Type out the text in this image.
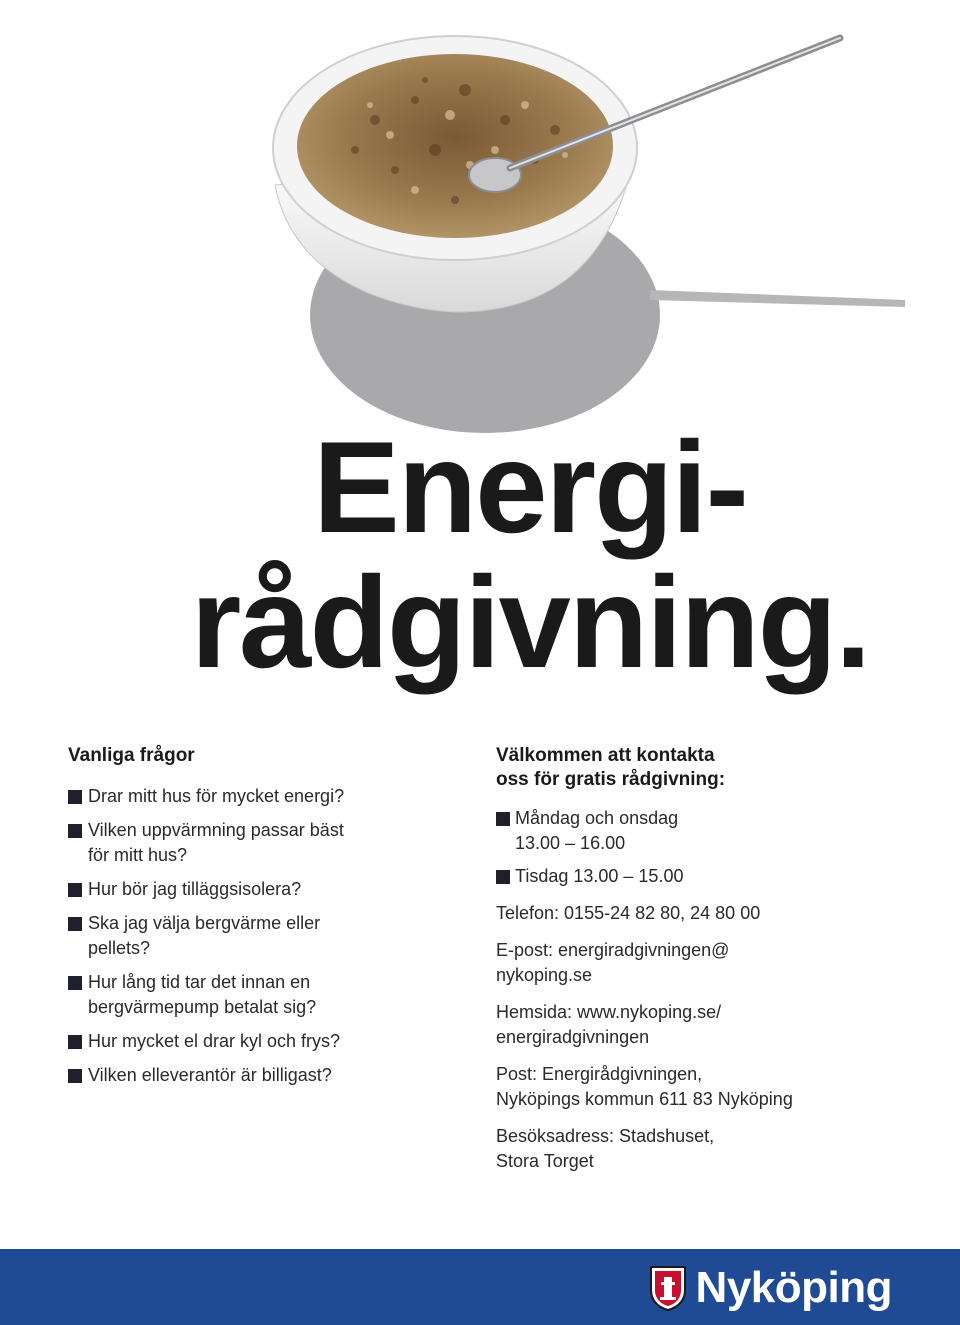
Energi-
rådgivning.
Vanliga frågor
Drar mitt hus för mycket energi?
Vilken uppvärmning passar bäst
för mitt hus?
Hur bör jag tilläggsisolera?
Ska jag välja bergvärme eller
pellets?
Hur lång tid tar det innan en
bergvärmepump betalat sig?
Hur mycket el drar kyl och frys?
Vilken elleverantör är billigast?
Välkommen att kontakta
oss för gratis rådgivning:
Måndag och onsdag
13.00 – 16.00
Tisdag 13.00 – 15.00
Telefon: 0155-24 82 80, 24 80 00
E-post: energiradgivningen@
nykoping.se
Hemsida: www.nykoping.se/
energiradgivningen
Post: Energirådgivningen,
Nyköpings kommun 611 83 Nyköping
Besöksadress: Stadshuset,
Stora Torget
Nyköping
